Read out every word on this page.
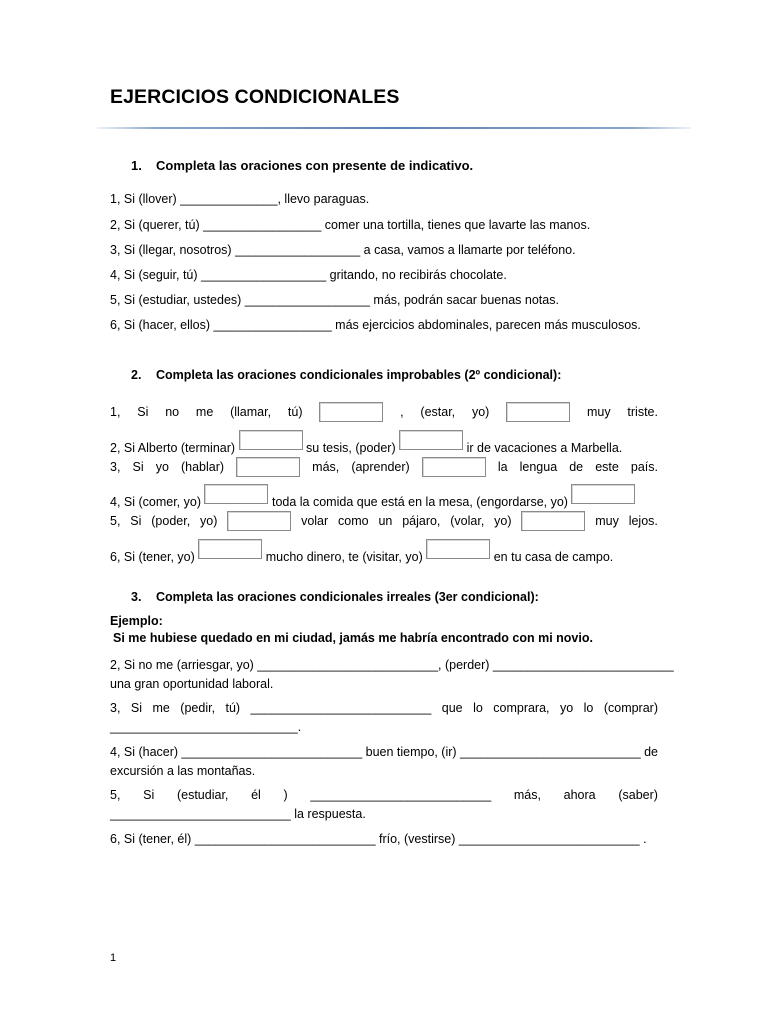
EJERCICIOS CONDICIONALES
1. Completa las oraciones con presente de indicativo.
1, Si (llover) ______________, llevo paraguas.
2, Si (querer, tú) _________________ comer una tortilla, tienes que lavarte las manos.
3, Si (llegar, nosotros) __________________ a casa, vamos a llamarte por teléfono.
4, Si (seguir, tú) __________________ gritando, no recibirás chocolate.
5, Si (estudiar, ustedes) __________________ más, podrán sacar buenas notas.
6, Si (hacer, ellos) _________________ más ejercicios abdominales, parecen más musculosos.
2. Completa las oraciones condicionales improbables (2º condicional):
1, Si no me (llamar, tú)	, (estar, yo)	muy triste.
2, Si Alberto (terminar)	su tesis, (poder)	ir de vacaciones a Marbella.
3, Si yo (hablar)	más, (aprender)	la lengua de este país.
4, Si (comer, yo)	toda la comida que está en la mesa, (engordarse, yo)
5, Si (poder, yo)	volar como un pájaro, (volar, yo)	muy lejos.
6, Si (tener, yo)	mucho dinero, te (visitar, yo)	en tu casa de campo.
3. Completa las oraciones condicionales irreales (3er condicional):
Ejemplo:
Si me hubiese quedado en mi ciudad, jamás me habría encontrado con mi novio.
2, Si no me (arriesgar, yo) __________________________, (perder) __________________________
una gran oportunidad laboral.
3, Si me (pedir, tú) __________________________ que lo comprara, yo lo (comprar)
___________________________.
4, Si (hacer) __________________________ buen tiempo, (ir) __________________________ de
excursión a las montañas.
5, Si (estudiar, él ) __________________________ más, ahora (saber)
__________________________ la respuesta.
6, Si (tener, él) __________________________ frío, (vestirse) __________________________ .
1
